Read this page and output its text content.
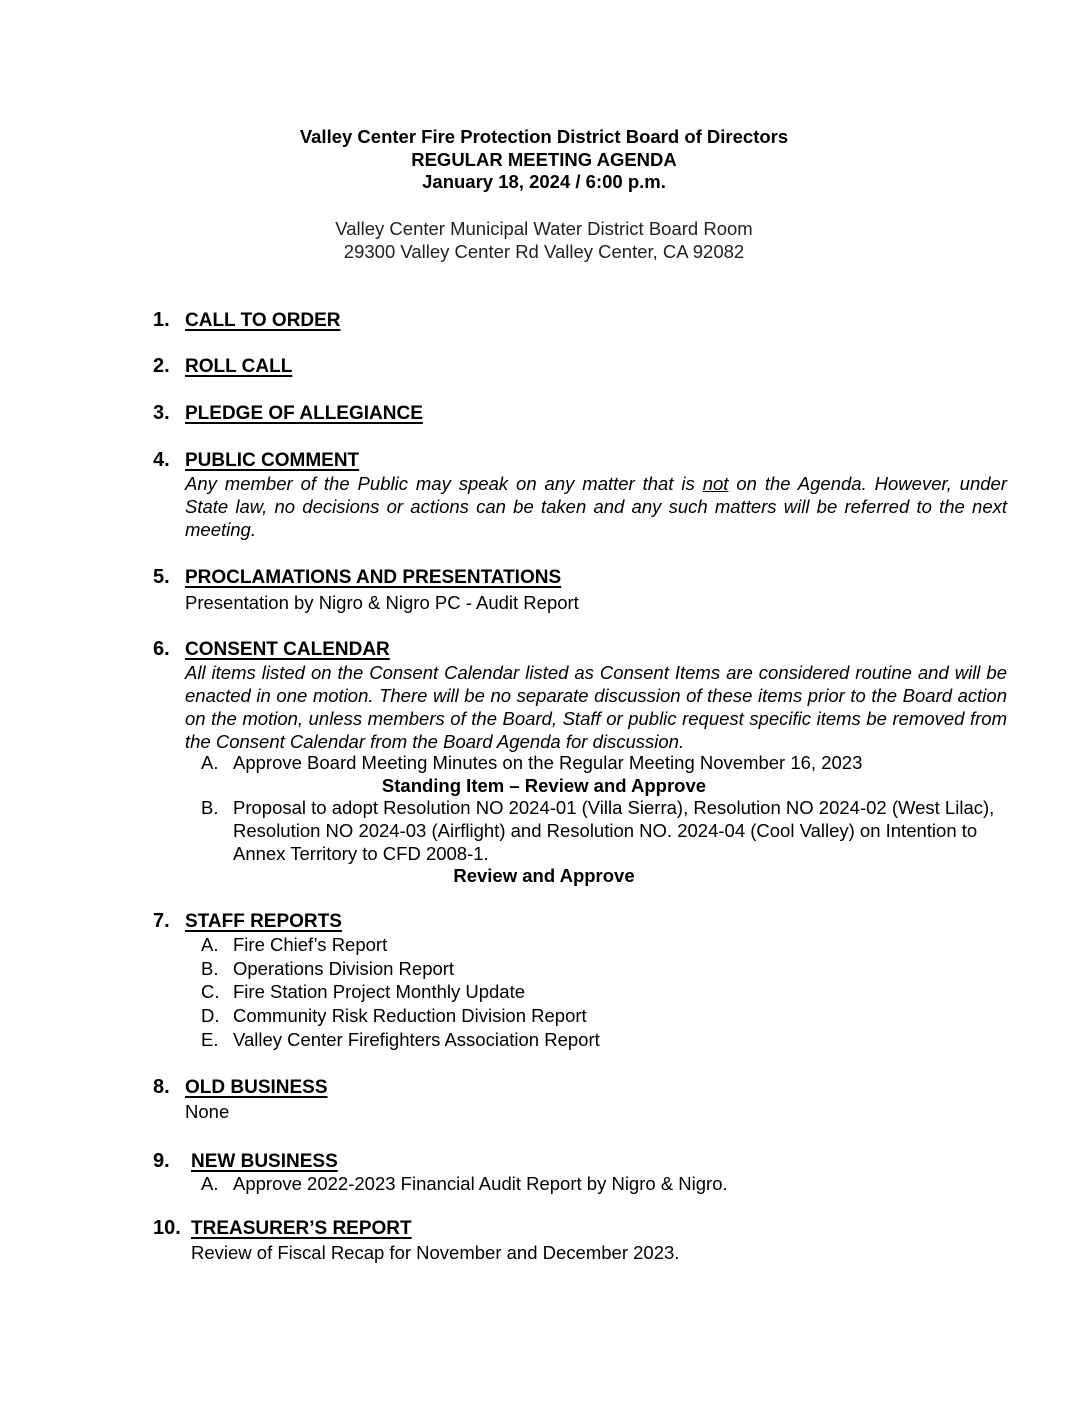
Valley Center Fire Protection District Board of Directors
REGULAR MEETING AGENDA
January 18, 2024 / 6:00 p.m.
Valley Center Municipal Water District Board Room
29300 Valley Center Rd Valley Center, CA 92082
1. CALL TO ORDER
2. ROLL CALL
3. PLEDGE OF ALLEGIANCE
4. PUBLIC COMMENT
Any member of the Public may speak on any matter that is not on the Agenda. However, under State law, no decisions or actions can be taken and any such matters will be referred to the next meeting.
5. PROCLAMATIONS AND PRESENTATIONS
Presentation by Nigro & Nigro PC - Audit Report
6. CONSENT CALENDAR
All items listed on the Consent Calendar listed as Consent Items are considered routine and will be enacted in one motion. There will be no separate discussion of these items prior to the Board action on the motion, unless members of the Board, Staff or public request specific items be removed from the Consent Calendar from the Board Agenda for discussion.
A. Approve Board Meeting Minutes on the Regular Meeting November 16, 2023
Standing Item – Review and Approve
B. Proposal to adopt Resolution NO 2024-01 (Villa Sierra), Resolution NO 2024-02 (West Lilac), Resolution NO 2024-03 (Airflight) and Resolution NO. 2024-04 (Cool Valley) on Intention to Annex Territory to CFD 2008-1.
Review and Approve
7. STAFF REPORTS
A. Fire Chief’s Report
B. Operations Division Report
C. Fire Station Project Monthly Update
D. Community Risk Reduction Division Report
E. Valley Center Firefighters Association Report
8. OLD BUSINESS
None
9. NEW BUSINESS
A. Approve 2022-2023 Financial Audit Report by Nigro & Nigro.
10. TREASURER’S REPORT
Review of Fiscal Recap for November and December 2023.
